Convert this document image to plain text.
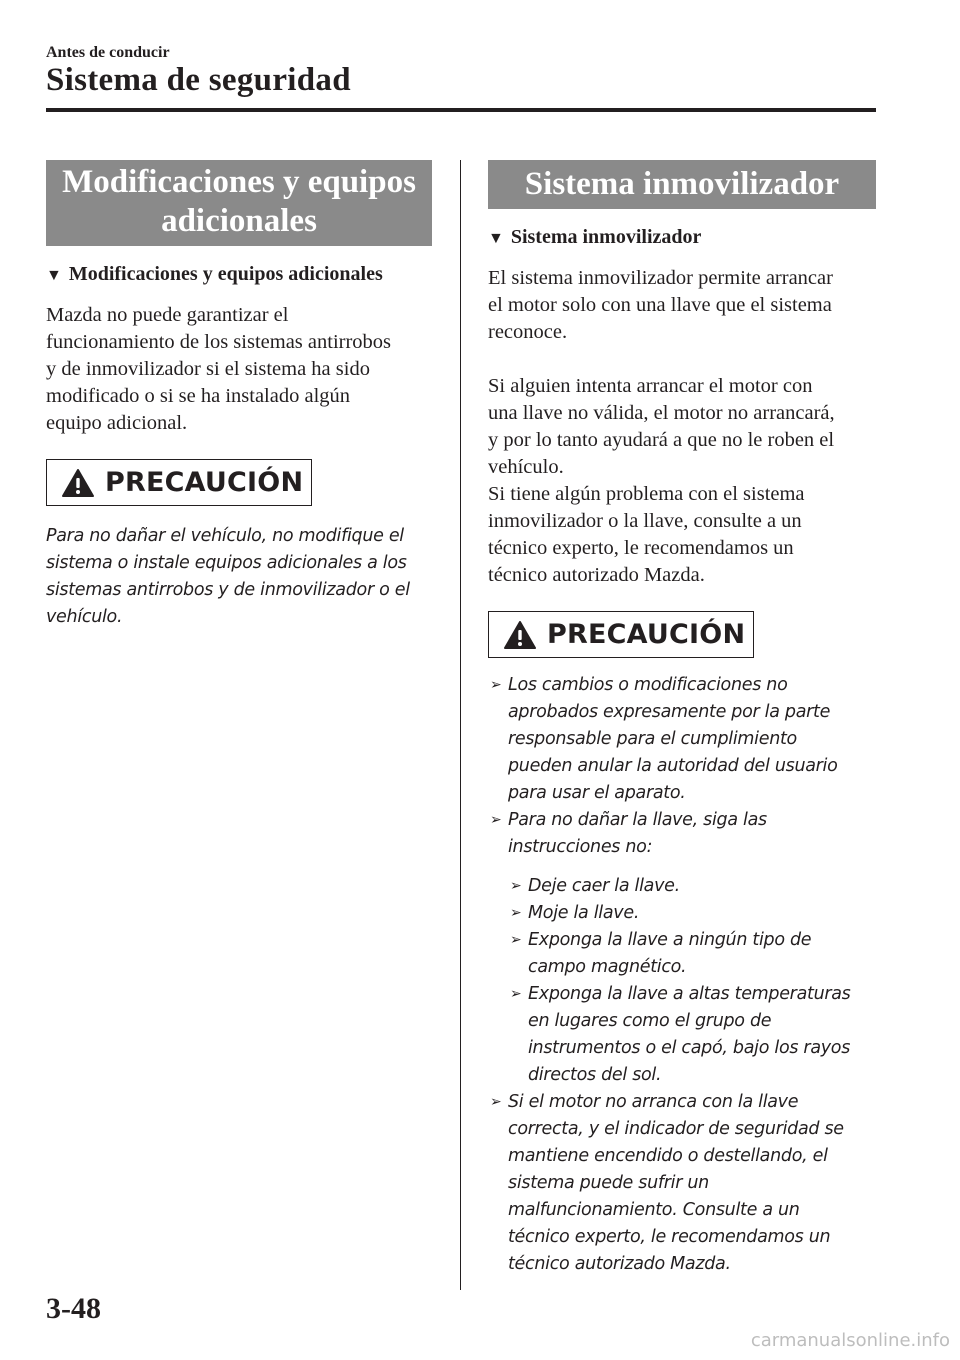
Antes de conducir
Sistema de seguridad
Modificaciones y equipos
adicionales
▼ Modificaciones y equipos adicionales

Mazda no puede garantizar el
funcionamiento de los sistemas antirrobos
y de inmovilizador si el sistema ha sido
modificado o si se ha instalado algún
equipo adicional.

PRECAUCIÓN
Para no dañar el vehículo, no modifique el
sistema o instale equipos adicionales a los
sistemas antirrobos y de inmovilizador o el
vehículo.
Sistema inmovilizador
▼ Sistema inmovilizador

El sistema inmovilizador permite arrancar
el motor solo con una llave que el sistema
reconoce.

Si alguien intenta arrancar el motor con
una llave no válida, el motor no arrancará,
y por lo tanto ayudará a que no le roben el
vehículo.

Si tiene algún problema con el sistema
inmovilizador o la llave, consulte a un
técnico experto, le recomendamos un
técnico autorizado Mazda.

PRECAUCIÓN
➢ Los cambios o modificaciones no
aprobados expresamente por la parte
responsable para el cumplimiento
pueden anular la autoridad del usuario
para usar el aparato.
➢ Para no dañar la llave, siga las
instrucciones no:
➢ Deje caer la llave.
➢ Moje la llave.
➢ Exponga la llave a ningún tipo de
campo magnético.
➢ Exponga la llave a altas temperaturas
en lugares como el grupo de
instrumentos o el capó, bajo los rayos
directos del sol.
➢ Si el motor no arranca con la llave
correcta, y el indicador de seguridad se
mantiene encendido o destellando, el
sistema puede sufrir un
malfuncionamiento. Consulte a un
técnico experto, le recomendamos un
técnico autorizado Mazda.
3-48
carmanualsonline.info
